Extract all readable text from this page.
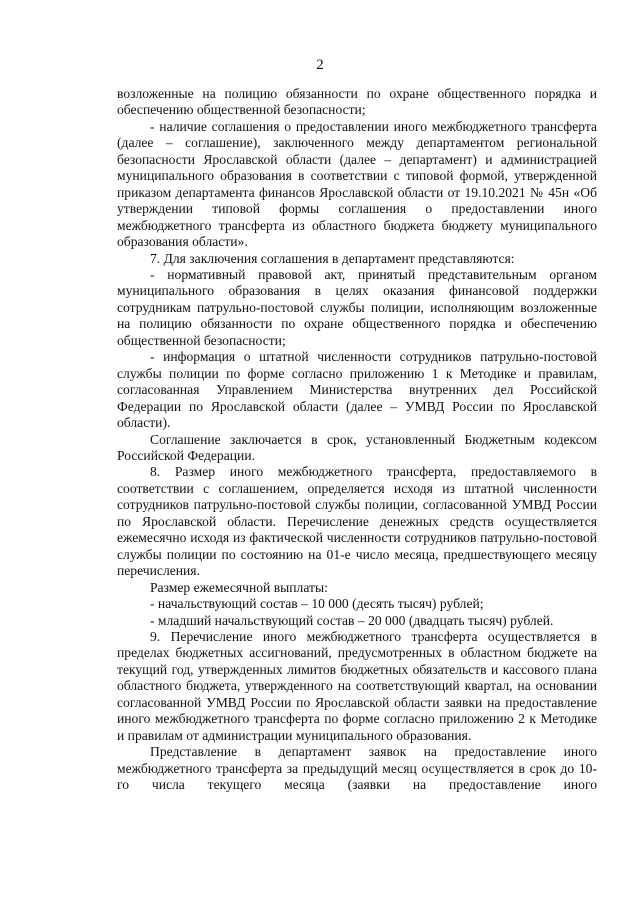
2

возложенные на полицию обязанности по охране общественного порядка и обеспечению общественной безопасности;

- наличие соглашения о предоставлении иного межбюджетного трансферта (далее – соглашение), заключенного между департаментом региональной безопасности Ярославской области (далее – департамент) и администрацией муниципального образования в соответствии с типовой формой, утвержденной приказом департамента финансов Ярославской области от 19.10.2021 № 45н «Об утверждении типовой формы соглашения о предоставлении иного межбюджетного трансферта из областного бюджета бюджету муниципального образования области».

7. Для заключения соглашения в департамент представляются:

- нормативный правовой акт, принятый представительным органом муниципального образования в целях оказания финансовой поддержки сотрудникам патрульно-постовой службы полиции, исполняющим возложенные на полицию обязанности по охране общественного порядка и обеспечению общественной безопасности;

- информация о штатной численности сотрудников патрульно-постовой службы полиции по форме согласно приложению 1 к Методике и правилам, согласованная Управлением Министерства внутренних дел Российской Федерации по Ярославской области (далее – УМВД России по Ярославской области).

Соглашение заключается в срок, установленный Бюджетным кодексом Российской Федерации.

8. Размер иного межбюджетного трансферта, предоставляемого в соответствии с соглашением, определяется исходя из штатной численности сотрудников патрульно-постовой службы полиции, согласованной УМВД России по Ярославской области. Перечисление денежных средств осуществляется ежемесячно исходя из фактической численности сотрудников патрульно-постовой службы полиции по состоянию на 01-е число месяца, предшествующего месяцу перечисления.

Размер ежемесячной выплаты:

- начальствующий состав – 10 000 (десять тысяч) рублей;

- младший начальствующий состав – 20 000 (двадцать тысяч) рублей.

9. Перечисление иного межбюджетного трансферта осуществляется в пределах бюджетных ассигнований, предусмотренных в областном бюджете на текущий год, утвержденных лимитов бюджетных обязательств и кассового плана областного бюджета, утвержденного на соответствующий квартал, на основании согласованной УМВД России по Ярославской области заявки на предоставление иного межбюджетного трансферта по форме согласно приложению 2 к Методике и правилам от администрации муниципального образования.

Представление в департамент заявок на предоставление иного межбюджетного трансферта за предыдущий месяц осуществляется в срок до 10-го числа текущего месяца (заявки на предоставление иного
